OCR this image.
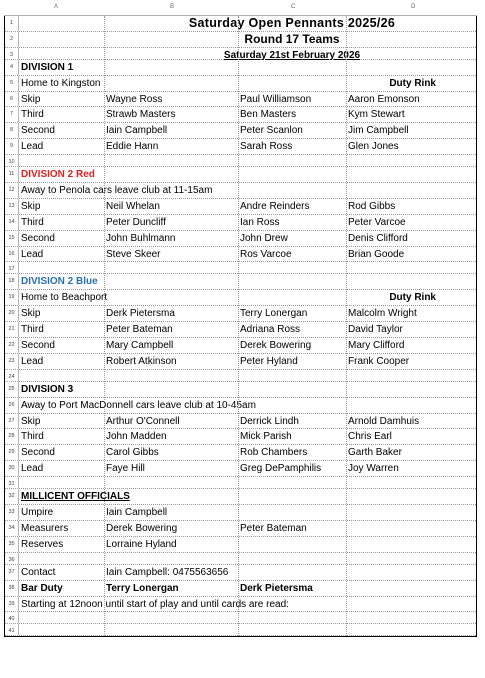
A	B	C	D
1	Saturday Open Pennants 2025/26
2	Round 17 Teams
3	Saturday 21st February 2026
4 DIVISION 1
5 Home to Kingston	Duty Rink
6 Skip	Wayne Ross	Paul Williamson	Aaron Emonson
7 Third	Strawb Masters	Ben Masters	Kym Stewart
8 Second	Iain Campbell	Peter Scanlon	Jim Campbell
9 Lead	Eddie Hann	Sarah Ross	Glen Jones
10
11 DIVISION 2 Red
12 Away to Penola cars leave club at 11-15am
13 Skip	Neil Whelan	Andre Reinders	Rod Gibbs
14 Third	Peter Duncliff	Ian Ross	Peter Varcoe
15 Second	John Buhlmann	John Drew	Denis Clifford
16 Lead	Steve Skeer	Ros Varcoe	Brian Goode
17
18 DIVISION 2 Blue
19 Home to Beachport	Duty Rink
20 Skip	Derk Pietersma	Terry Lonergan	Malcolm Wright
21 Third	Peter Bateman	Adriana Ross	David Taylor
22 Second	Mary Campbell	Derek Bowering	Mary Clifford
23 Lead	Robert Atkinson	Peter Hyland	Frank Cooper
24
25 DIVISION 3
26 Away to Port MacDonnell cars leave club at 10-45am
27 Skip	Arthur O'Connell	Derrick Lindh	Arnold Damhuis
28 Third	John Madden	Mick Parish	Chris Earl
29 Second	Carol Gibbs	Rob Chambers	Garth Baker
30 Lead	Faye Hill	Greg DePamphilis	Joy Warren
31
32 MILLICENT OFFICIALS
33 Umpire	Iain Campbell
34 Measurers	Derek Bowering	Peter Bateman
35 Reserves	Lorraine Hyland
36
37 Contact	Iain Campbell: 0475563656
38 Bar Duty	Terry Lonergan	Derk Pietersma
39 Starting at 12noon until start of play and until cards are read:
40
41
